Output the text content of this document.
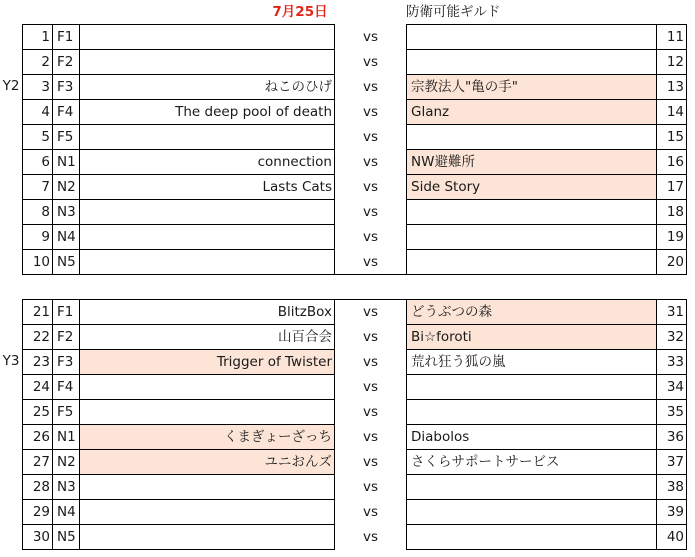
7月25日	防衛可能ギルド
Y2
Y3
1	F1		vs		11
2	F2		vs		12
3	F3	ねこのひげ	vs	宗教法人"亀の手"	13
4	F4	The deep pool of death	vs	Glanz	14
5	F5		vs		15
6	N1	connection	vs	NW避難所	16
7	N2	Lasts Cats	vs	Side Story	17
8	N3		vs		18
9	N4		vs		19
10	N5		vs		20

21	F1	BlitzBox	vs	どうぶつの森	31
22	F2	山百合会	vs	Bi☆foroti	32
23	F3	Trigger of Twister	vs	荒れ狂う狐の嵐	33
24	F4		vs		34
25	F5		vs		35
26	N1	くまぎょーざっち	vs	Diabolos	36
27	N2	ユニおんズ	vs	さくらサポートサービス	37
28	N3		vs		38
29	N4		vs		39
30	N5		vs		40
